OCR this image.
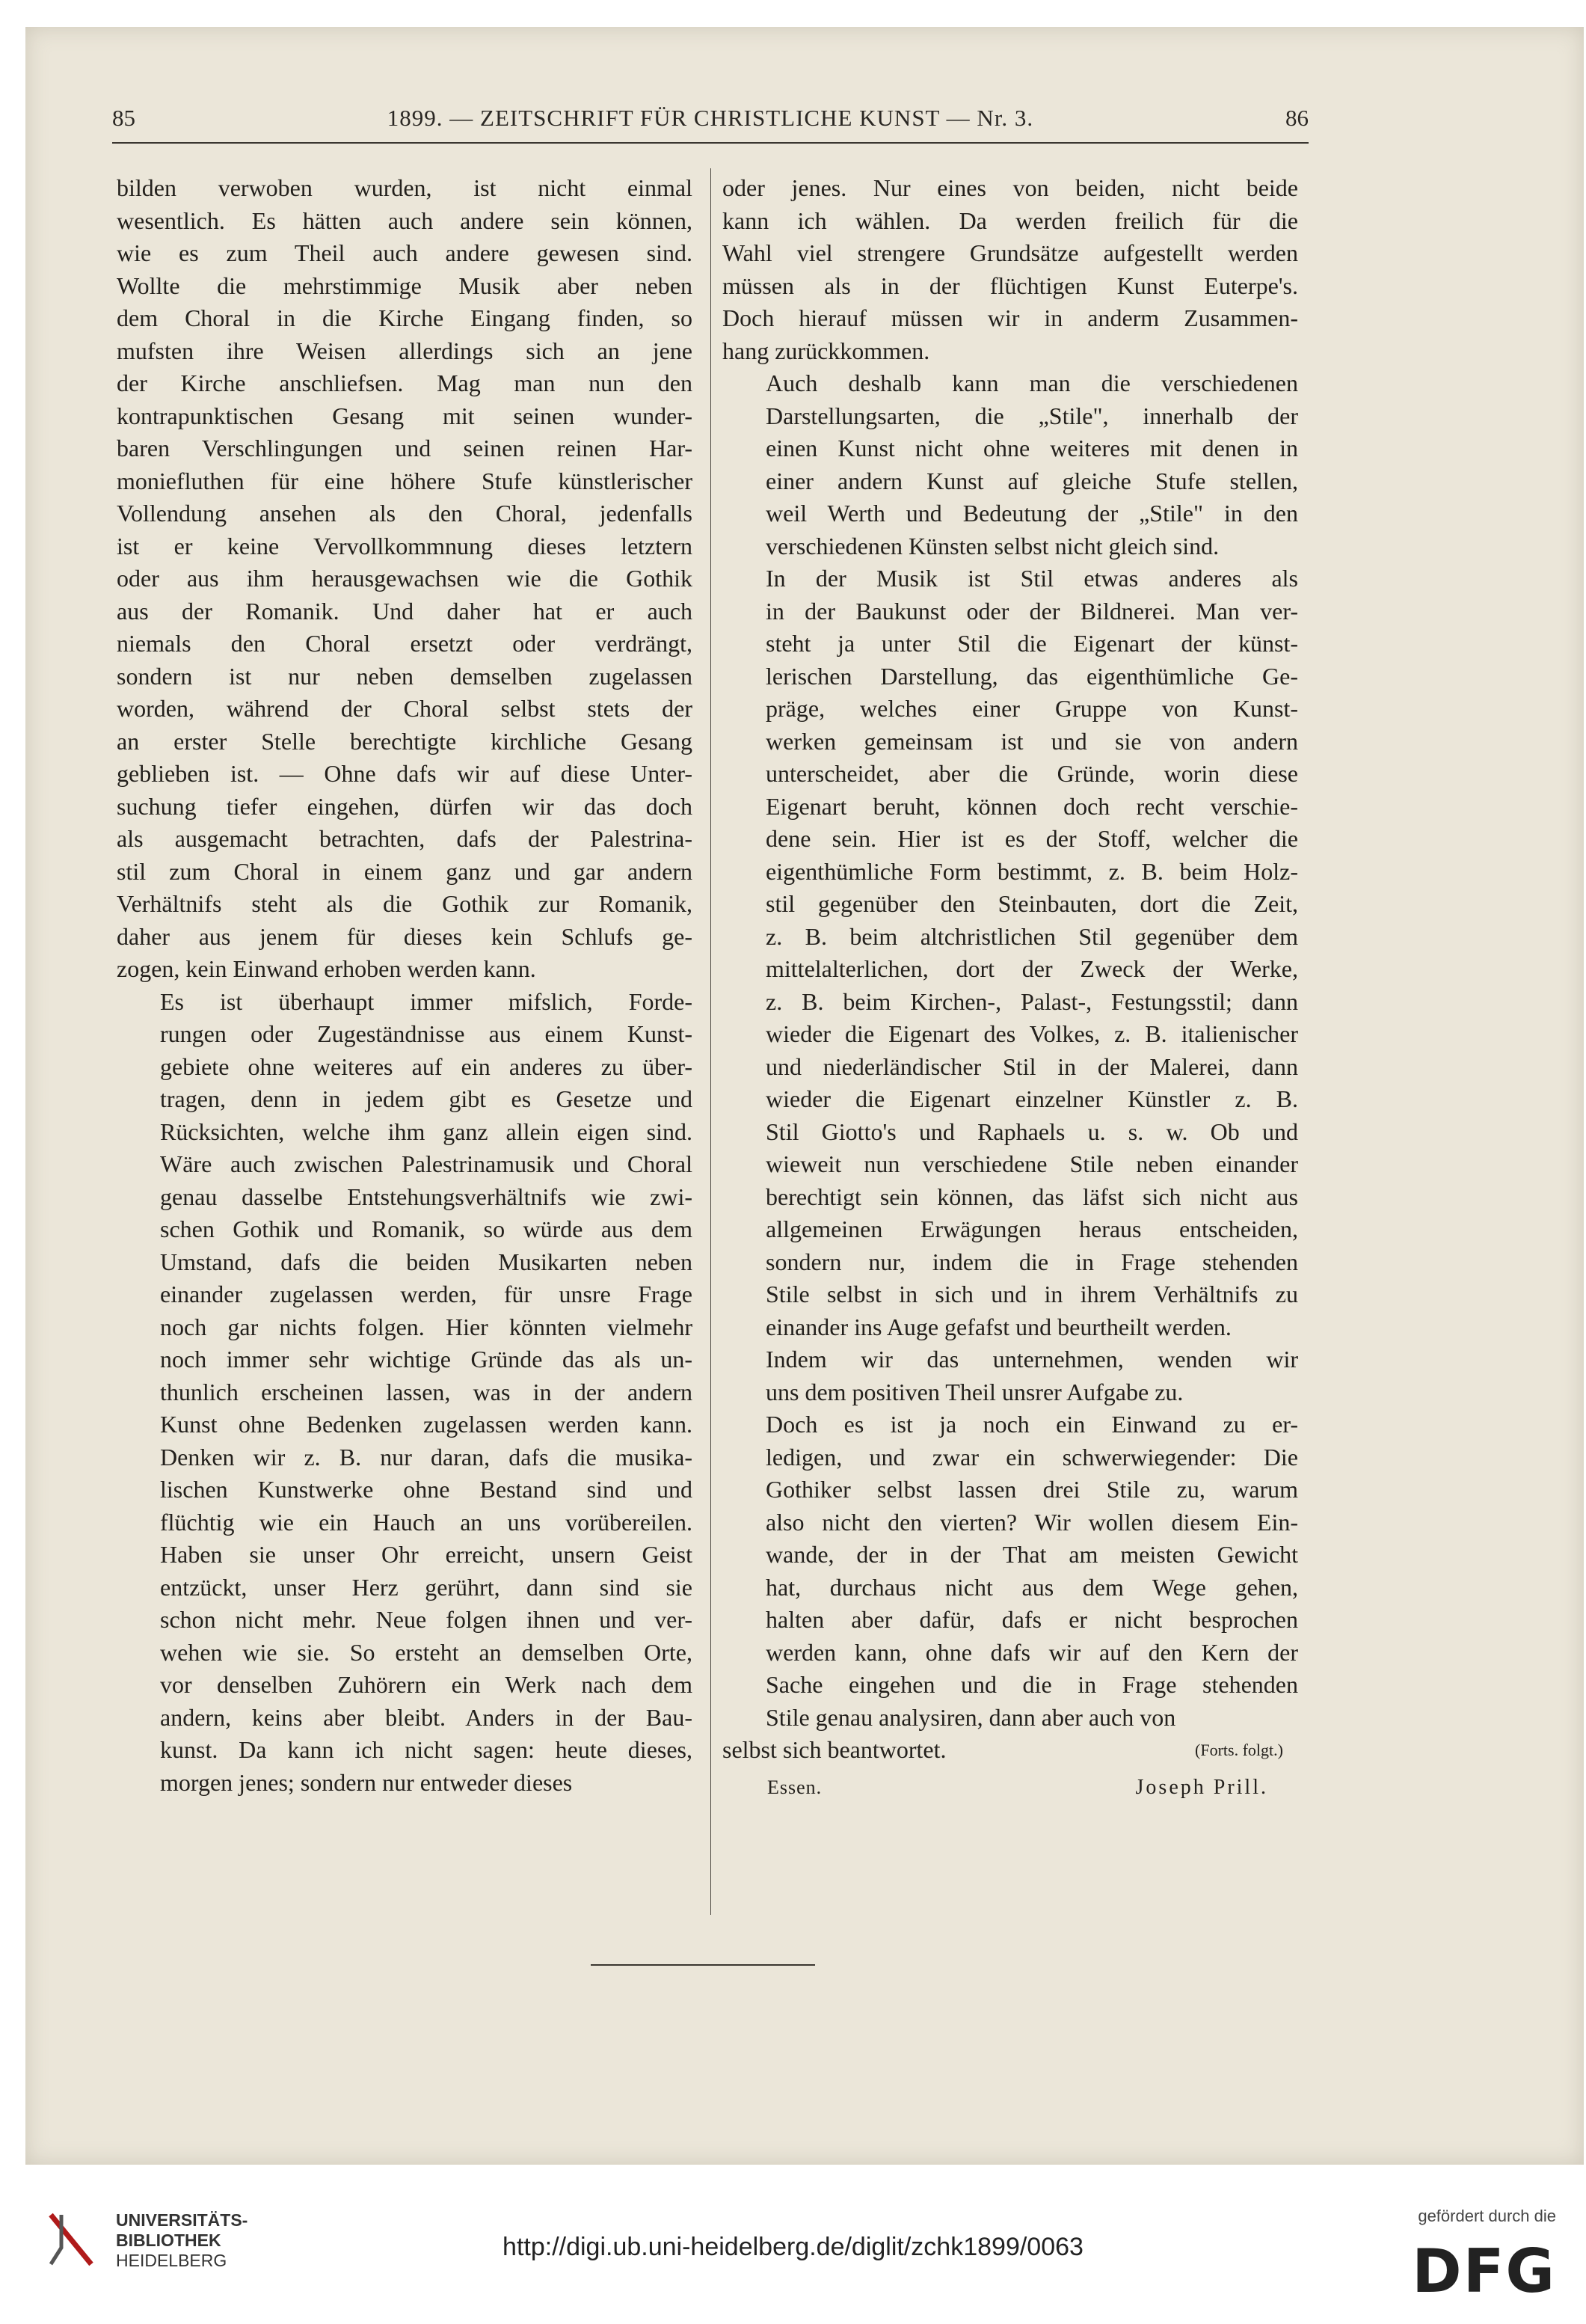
85	1899. — ZEITSCHRIFT FÜR CHRISTLICHE KUNST — Nr. 3.	86

bilden verwoben wurden, ist nicht einmal
wesentlich. Es hätten auch andere sein können,
wie es zum Theil auch andere gewesen sind.
Wollte die mehrstimmige Musik aber neben
dem Choral in die Kirche Eingang finden, so
mufsten ihre Weisen allerdings sich an jene
der Kirche anschliefsen. Mag man nun den
kontrapunktischen Gesang mit seinen wunder-
baren Verschlingungen und seinen reinen Har-
moniefluthen für eine höhere Stufe künstlerischer
Vollendung ansehen als den Choral, jedenfalls
ist er keine Vervollkommnung dieses letztern
oder aus ihm herausgewachsen wie die Gothik
aus der Romanik. Und daher hat er auch
niemals den Choral ersetzt oder verdrängt,
sondern ist nur neben demselben zugelassen
worden, während der Choral selbst stets der
an erster Stelle berechtigte kirchliche Gesang
geblieben ist. — Ohne dafs wir auf diese Unter-
suchung tiefer eingehen, dürfen wir das doch
als ausgemacht betrachten, dafs der Palestrina-
stil zum Choral in einem ganz und gar andern
Verhältnifs steht als die Gothik zur Romanik,
daher aus jenem für dieses kein Schlufs ge-
zogen, kein Einwand erhoben werden kann.

Es ist überhaupt immer mifslich, Forde-
rungen oder Zugeständnisse aus einem Kunst-
gebiete ohne weiteres auf ein anderes zu über-
tragen, denn in jedem gibt es Gesetze und
Rücksichten, welche ihm ganz allein eigen sind.
Wäre auch zwischen Palestrinamusik und Choral
genau dasselbe Entstehungsverhältnifs wie zwi-
schen Gothik und Romanik, so würde aus dem
Umstand, dafs die beiden Musikarten neben
einander zugelassen werden, für unsre Frage
noch gar nichts folgen. Hier könnten vielmehr
noch immer sehr wichtige Gründe das als un-
thunlich erscheinen lassen, was in der andern
Kunst ohne Bedenken zugelassen werden kann.
Denken wir z. B. nur daran, dafs die musika-
lischen Kunstwerke ohne Bestand sind und
flüchtig wie ein Hauch an uns vorübereilen.
Haben sie unser Ohr erreicht, unsern Geist
entzückt, unser Herz gerührt, dann sind sie
schon nicht mehr. Neue folgen ihnen und ver-
wehen wie sie. So ersteht an demselben Orte,
vor denselben Zuhörern ein Werk nach dem
andern, keins aber bleibt. Anders in der Bau-
kunst. Da kann ich nicht sagen: heute dieses,
morgen jenes; sondern nur entweder dieses

oder jenes. Nur eines von beiden, nicht beide
kann ich wählen. Da werden freilich für die
Wahl viel strengere Grundsätze aufgestellt werden
müssen als in der flüchtigen Kunst Euterpe's.
Doch hierauf müssen wir in anderm Zusammen-
hang zurückkommen.

Auch deshalb kann man die verschiedenen
Darstellungsarten, die „Stile", innerhalb der
einen Kunst nicht ohne weiteres mit denen in
einer andern Kunst auf gleiche Stufe stellen,
weil Werth und Bedeutung der „Stile" in den
verschiedenen Künsten selbst nicht gleich sind.

In der Musik ist Stil etwas anderes als
in der Baukunst oder der Bildnerei. Man ver-
steht ja unter Stil die Eigenart der künst-
lerischen Darstellung, das eigenthümliche Ge-
präge, welches einer Gruppe von Kunst-
werken gemeinsam ist und sie von andern
unterscheidet, aber die Gründe, worin diese
Eigenart beruht, können doch recht verschie-
dene sein. Hier ist es der Stoff, welcher die
eigenthümliche Form bestimmt, z. B. beim Holz-
stil gegenüber den Steinbauten, dort die Zeit,
z. B. beim altchristlichen Stil gegenüber dem
mittelalterlichen, dort der Zweck der Werke,
z. B. beim Kirchen-, Palast-, Festungsstil; dann
wieder die Eigenart des Volkes, z. B. italienischer
und niederländischer Stil in der Malerei, dann
wieder die Eigenart einzelner Künstler z. B.
Stil Giotto's und Raphaels u. s. w. Ob und
wieweit nun verschiedene Stile neben einander
berechtigt sein können, das läfst sich nicht aus
allgemeinen Erwägungen heraus entscheiden,
sondern nur, indem die in Frage stehenden
Stile selbst in sich und in ihrem Verhältnifs zu
einander ins Auge gefafst und beurtheilt werden.

Indem wir das unternehmen, wenden wir
uns dem positiven Theil unsrer Aufgabe zu.

Doch es ist ja noch ein Einwand zu er-
ledigen, und zwar ein schwerwiegender: Die
Gothiker selbst lassen drei Stile zu, warum
also nicht den vierten? Wir wollen diesem Ein-
wande, der in der That am meisten Gewicht
hat, durchaus nicht aus dem Wege gehen,
halten aber dafür, dafs er nicht besprochen
werden kann, ohne dafs wir auf den Kern der
Sache eingehen und die in Frage stehenden
Stile genau analysiren, dann aber auch von

selbst sich beantwortet.	(Forts. folgt.)

Essen.	Joseph Prill.
UNIVERSITÄTS-
BIBLIOTHEK
HEIDELBERG	http://digi.ub.uni-heidelberg.de/diglit/zchk1899/0063
gefördert durch die
DFG
